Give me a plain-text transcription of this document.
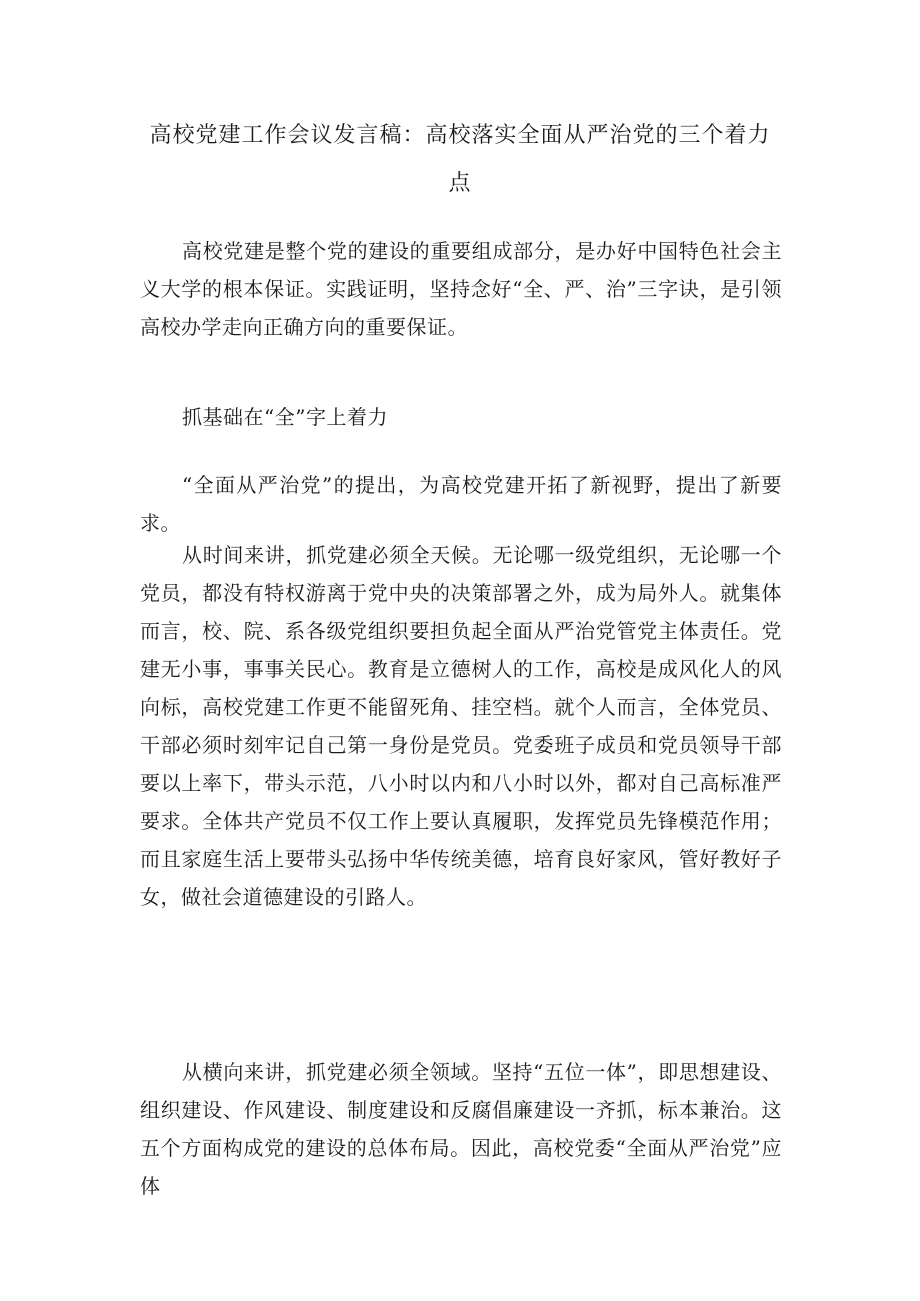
高校党建工作会议发言稿：高校落实全面从严治党的三个着力点

高校党建是整个党的建设的重要组成部分，是办好中国特色社会主义大学的根本保证。实践证明，坚持念好“全、严、治”三字诀，是引领高校办学走向正确方向的重要保证。

抓基础在“全”字上着力

“全面从严治党”的提出，为高校党建开拓了新视野，提出了新要求。

从时间来讲，抓党建必须全天候。无论哪一级党组织，无论哪一个党员，都没有特权游离于党中央的决策部署之外，成为局外人。就集体而言，校、院、系各级党组织要担负起全面从严治党管党主体责任。党建无小事，事事关民心。教育是立德树人的工作，高校是成风化人的风向标，高校党建工作更不能留死角、挂空档。就个人而言，全体党员、干部必须时刻牢记自己第一身份是党员。党委班子成员和党员领导干部要以上率下，带头示范，八小时以内和八小时以外，都对自己高标准严要求。全体共产党员不仅工作上要认真履职，发挥党员先锋模范作用；而且家庭生活上要带头弘扬中华传统美德，培育良好家风，管好教好子女，做社会道德建设的引路人。

从横向来讲，抓党建必须全领域。坚持“五位一体”，即思想建设、组织建设、作风建设、制度建设和反腐倡廉建设一齐抓，标本兼治。这五个方面构成党的建设的总体布局。因此，高校党委“全面从严治党”应体
